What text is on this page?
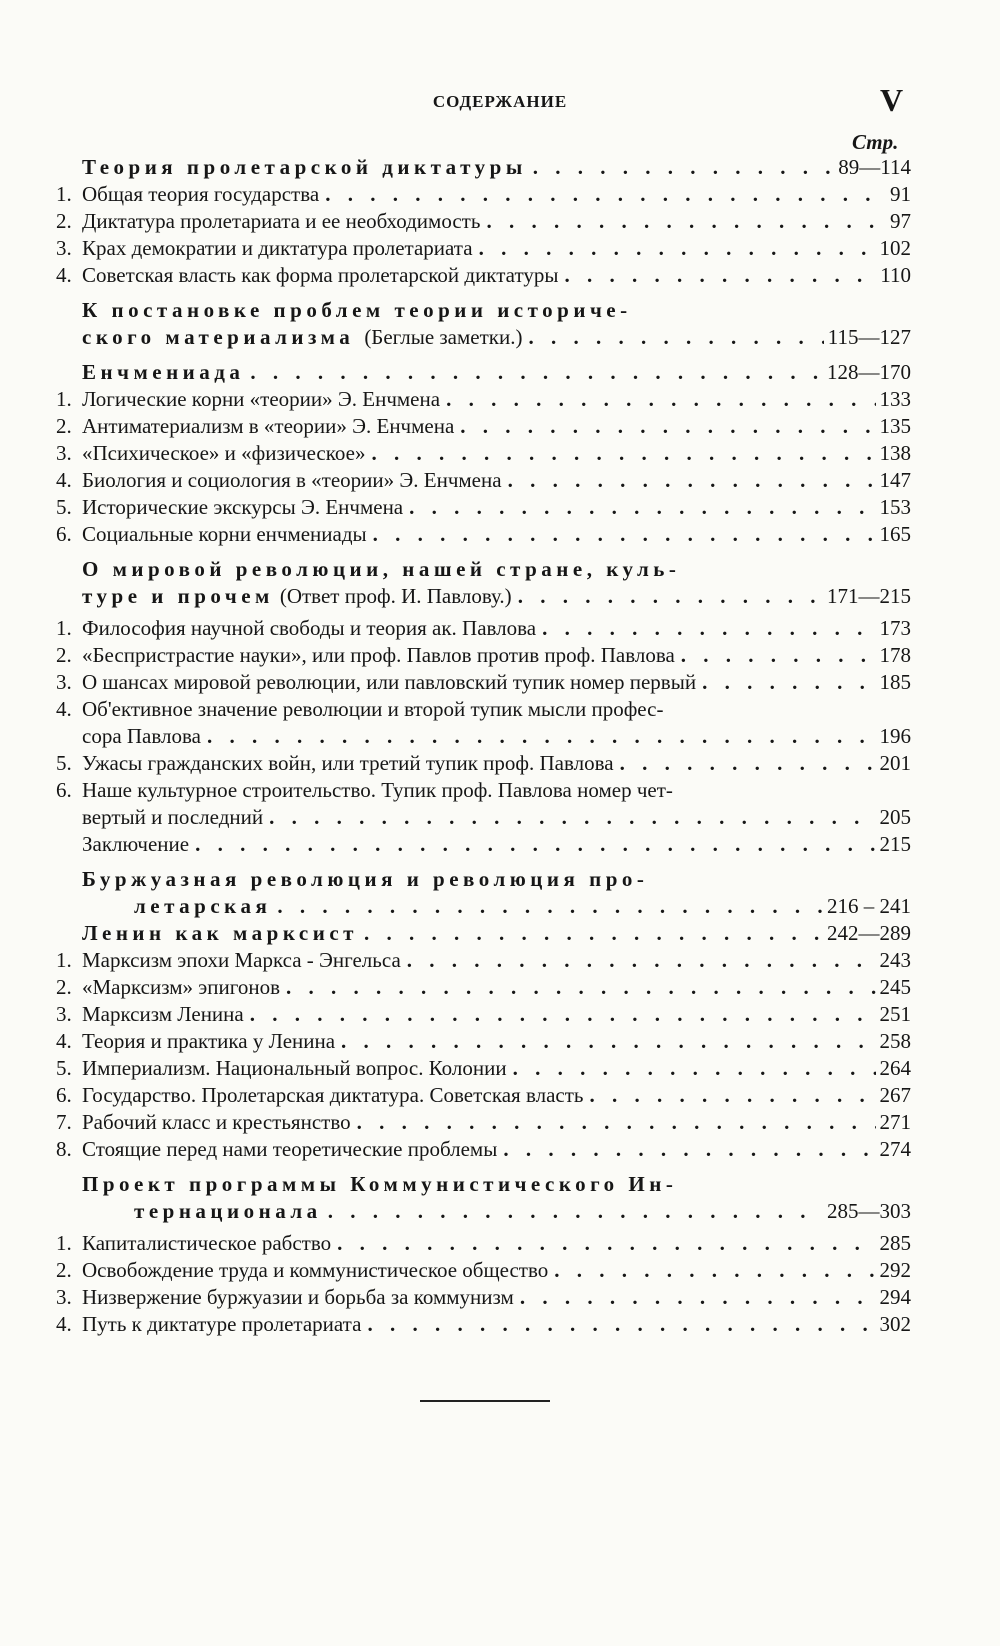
СОДЕРЖАНИЕ	V
Стр.
Теория пролетарской диктатуры . . .	89—114
1. Общая теория государства . . .	91
2. Диктатура пролетариата и ее необходимость . . .	97
3. Крах демократии и диктатура пролетариата . . .	102
4. Советская власть как форма пролетарской диктатуры . . .	110
К постановке проблем теории историче-
ского материализма (Беглые заметки.) . . .	115—127
Енчмениада . . .	128—170
1. Логические корни «теории» Э. Енчмена . . .	133
2. Антиматериализм в «теории» Э. Енчмена . . .	135
3. «Психическое» и «физическое» . . .	138
4. Биология и социология в «теории» Э. Енчмена . . .	147
5. Исторические экскурсы Э. Енчмена . . .	153
6. Социальные корни енчмениады . . .	165
О мировой революции, нашей стране, куль-
туре и прочем (Ответ проф. И. Павлову.) . . .	171—215
1. Философия научной свободы и теория ак. Павлова . . .	173
2. «Беспристрастие науки», или проф. Павлов против проф. Павлова . . .	178
3. О шансах мировой революции, или павловский тупик номер первый . . .	185
4. Об'ективное значение революции и второй тупик мысли профес-
сора Павлова . . .	196
5. Ужасы гражданских войн, или третий тупик проф. Павлова . . .	201
6. Наше культурное строительство. Тупик проф. Павлова номер чет-
вертый и последний . . .	205
Заключение . . .	215
Буржуазная революция и революция про-
летарская . . .	216 – 241
Ленин как марксист . . .	242—289
1. Марксизм эпохи Маркса - Энгельса . . .	243
2. «Марксизм» эпигонов . . .	245
3. Марксизм Ленина . . .	251
4. Теория и практика у Ленина . . .	258
5. Империализм. Национальный вопрос. Колонии . . .	264
6. Государство. Пролетарская диктатура. Советская власть . . .	267
7. Рабочий класс и крестьянство . . .	271
8. Стоящие перед нами теоретические проблемы . . .	274
Проект программы Коммунистического Ин-
тернационала . . .	285—303
1. Капиталистическое рабство . . .	285
2. Освобождение труда и коммунистическое общество . . .	292
3. Низвержение буржуазии и борьба за коммунизм . . .	294
4. Путь к диктатуре пролетариата . . .	302
